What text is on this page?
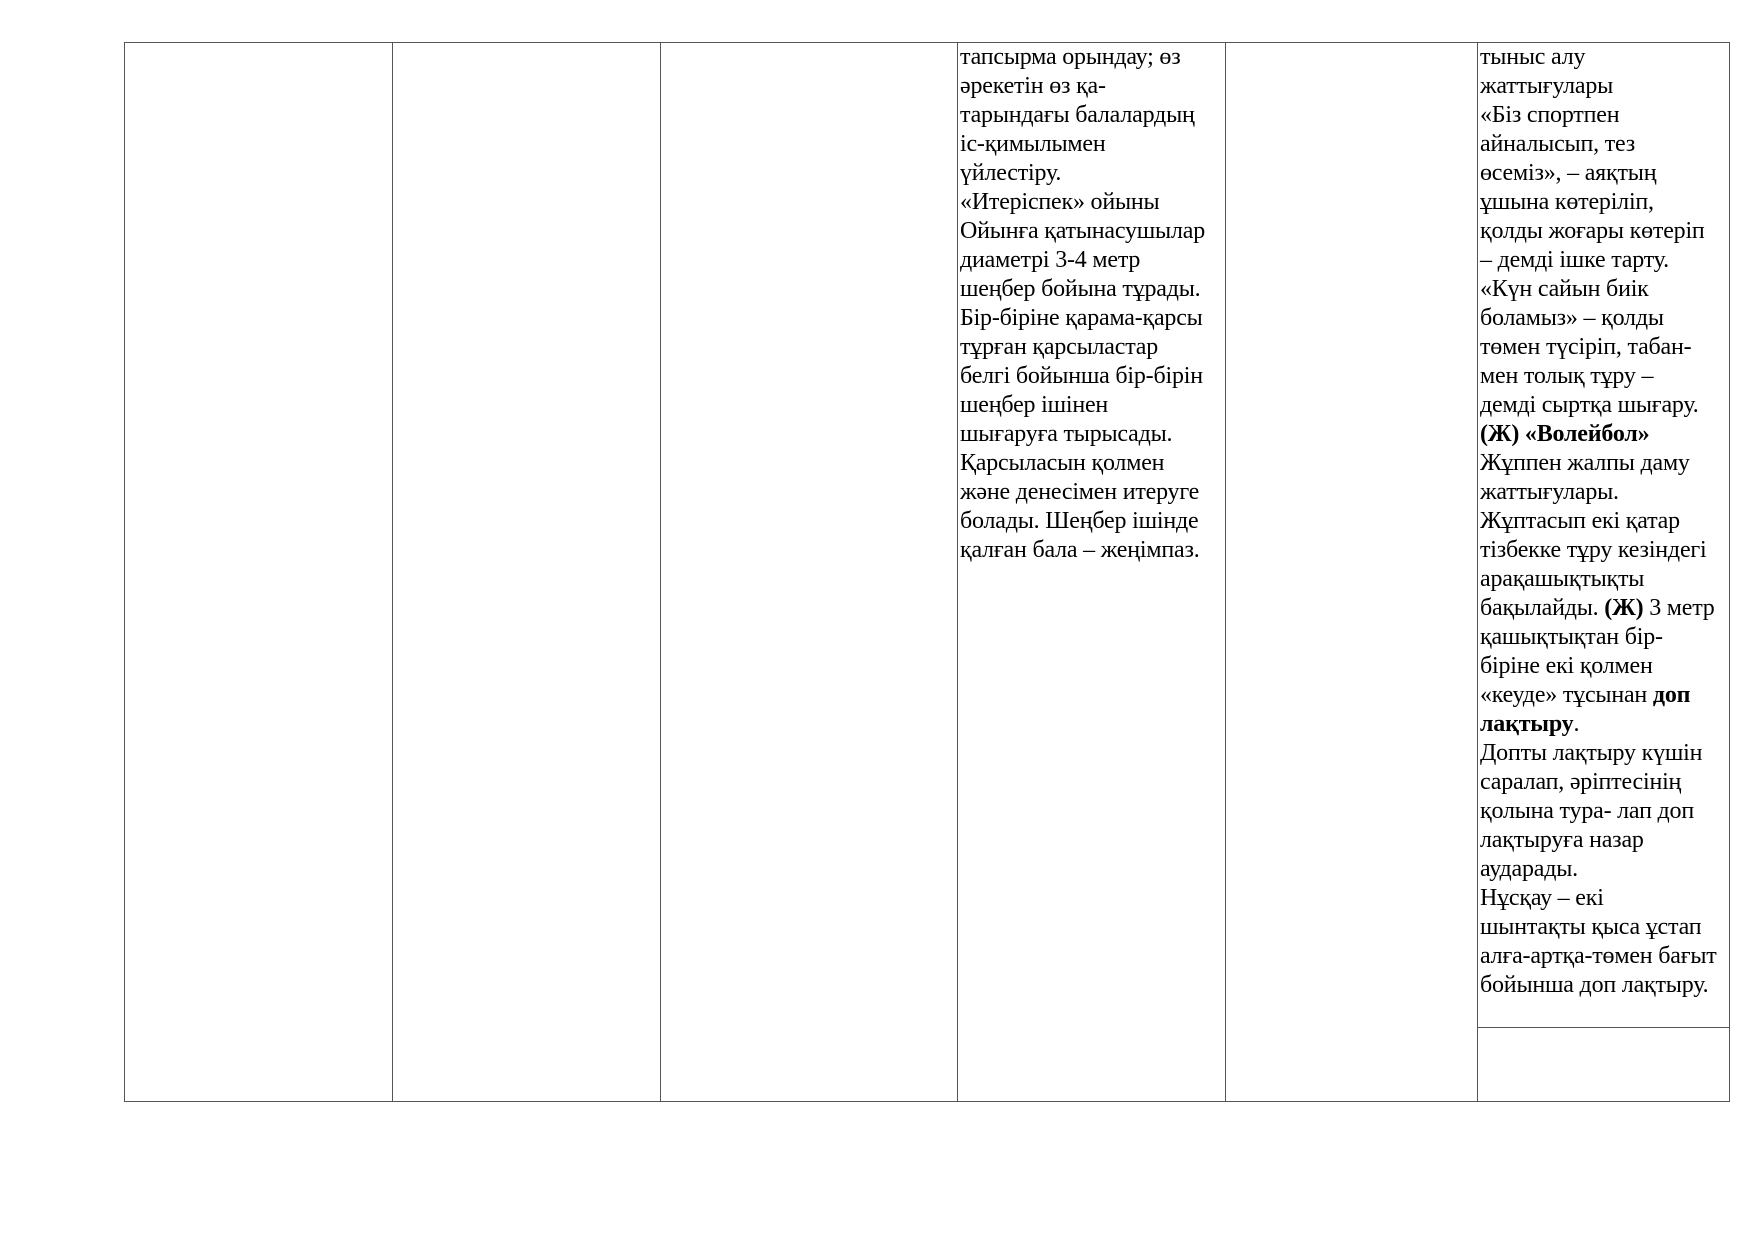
тапсырма орындау; өз
әрекетін өз қа-
тарындағы балалардың
іс-қимылымен
үйлестіру.
«Итеріспек» ойыны
Ойынға қатынасушылар
диаметрі 3-4 метр
шеңбер бойына тұрады.
Бір-біріне қарама-қарсы
тұрған қарсыластар
белгі бойынша бір-бірін
шеңбер ішінен
шығаруға тырысады.
Қарсыласын қолмен
және денесімен итеруге
болады. Шеңбер ішінде
қалған бала – жеңімпаз.
тыныс алу
жаттығулары
«Біз спортпен
айналысып, тез
өсеміз», – аяқтың
ұшына көтеріліп,
қолды жоғары көтеріп
– демді ішке тарту.
«Күн сайын биік
боламыз» – қолды
төмен түсіріп, табан-
мен толық тұру –
демді сыртқа шығару.
(Ж) «Волейбол»
Жұппен жалпы даму
жаттығулары.
Жұптасып екі қатар
тізбекке тұру кезіндегі
арақашықтықты
бақылайды. (Ж) 3 метр
қашықтықтан бір-
біріне екі қолмен
«кеуде» тұсынан доп
лақтыру.
Допты лақтыру күшін
саралап, әріптесінің
қолына тура- лап доп
лақтыруға назар
аударады.
Нұсқау – екі
шынтақты қыса ұстап
алға-артқа-төмен бағыт
бойынша доп лақтыру.
